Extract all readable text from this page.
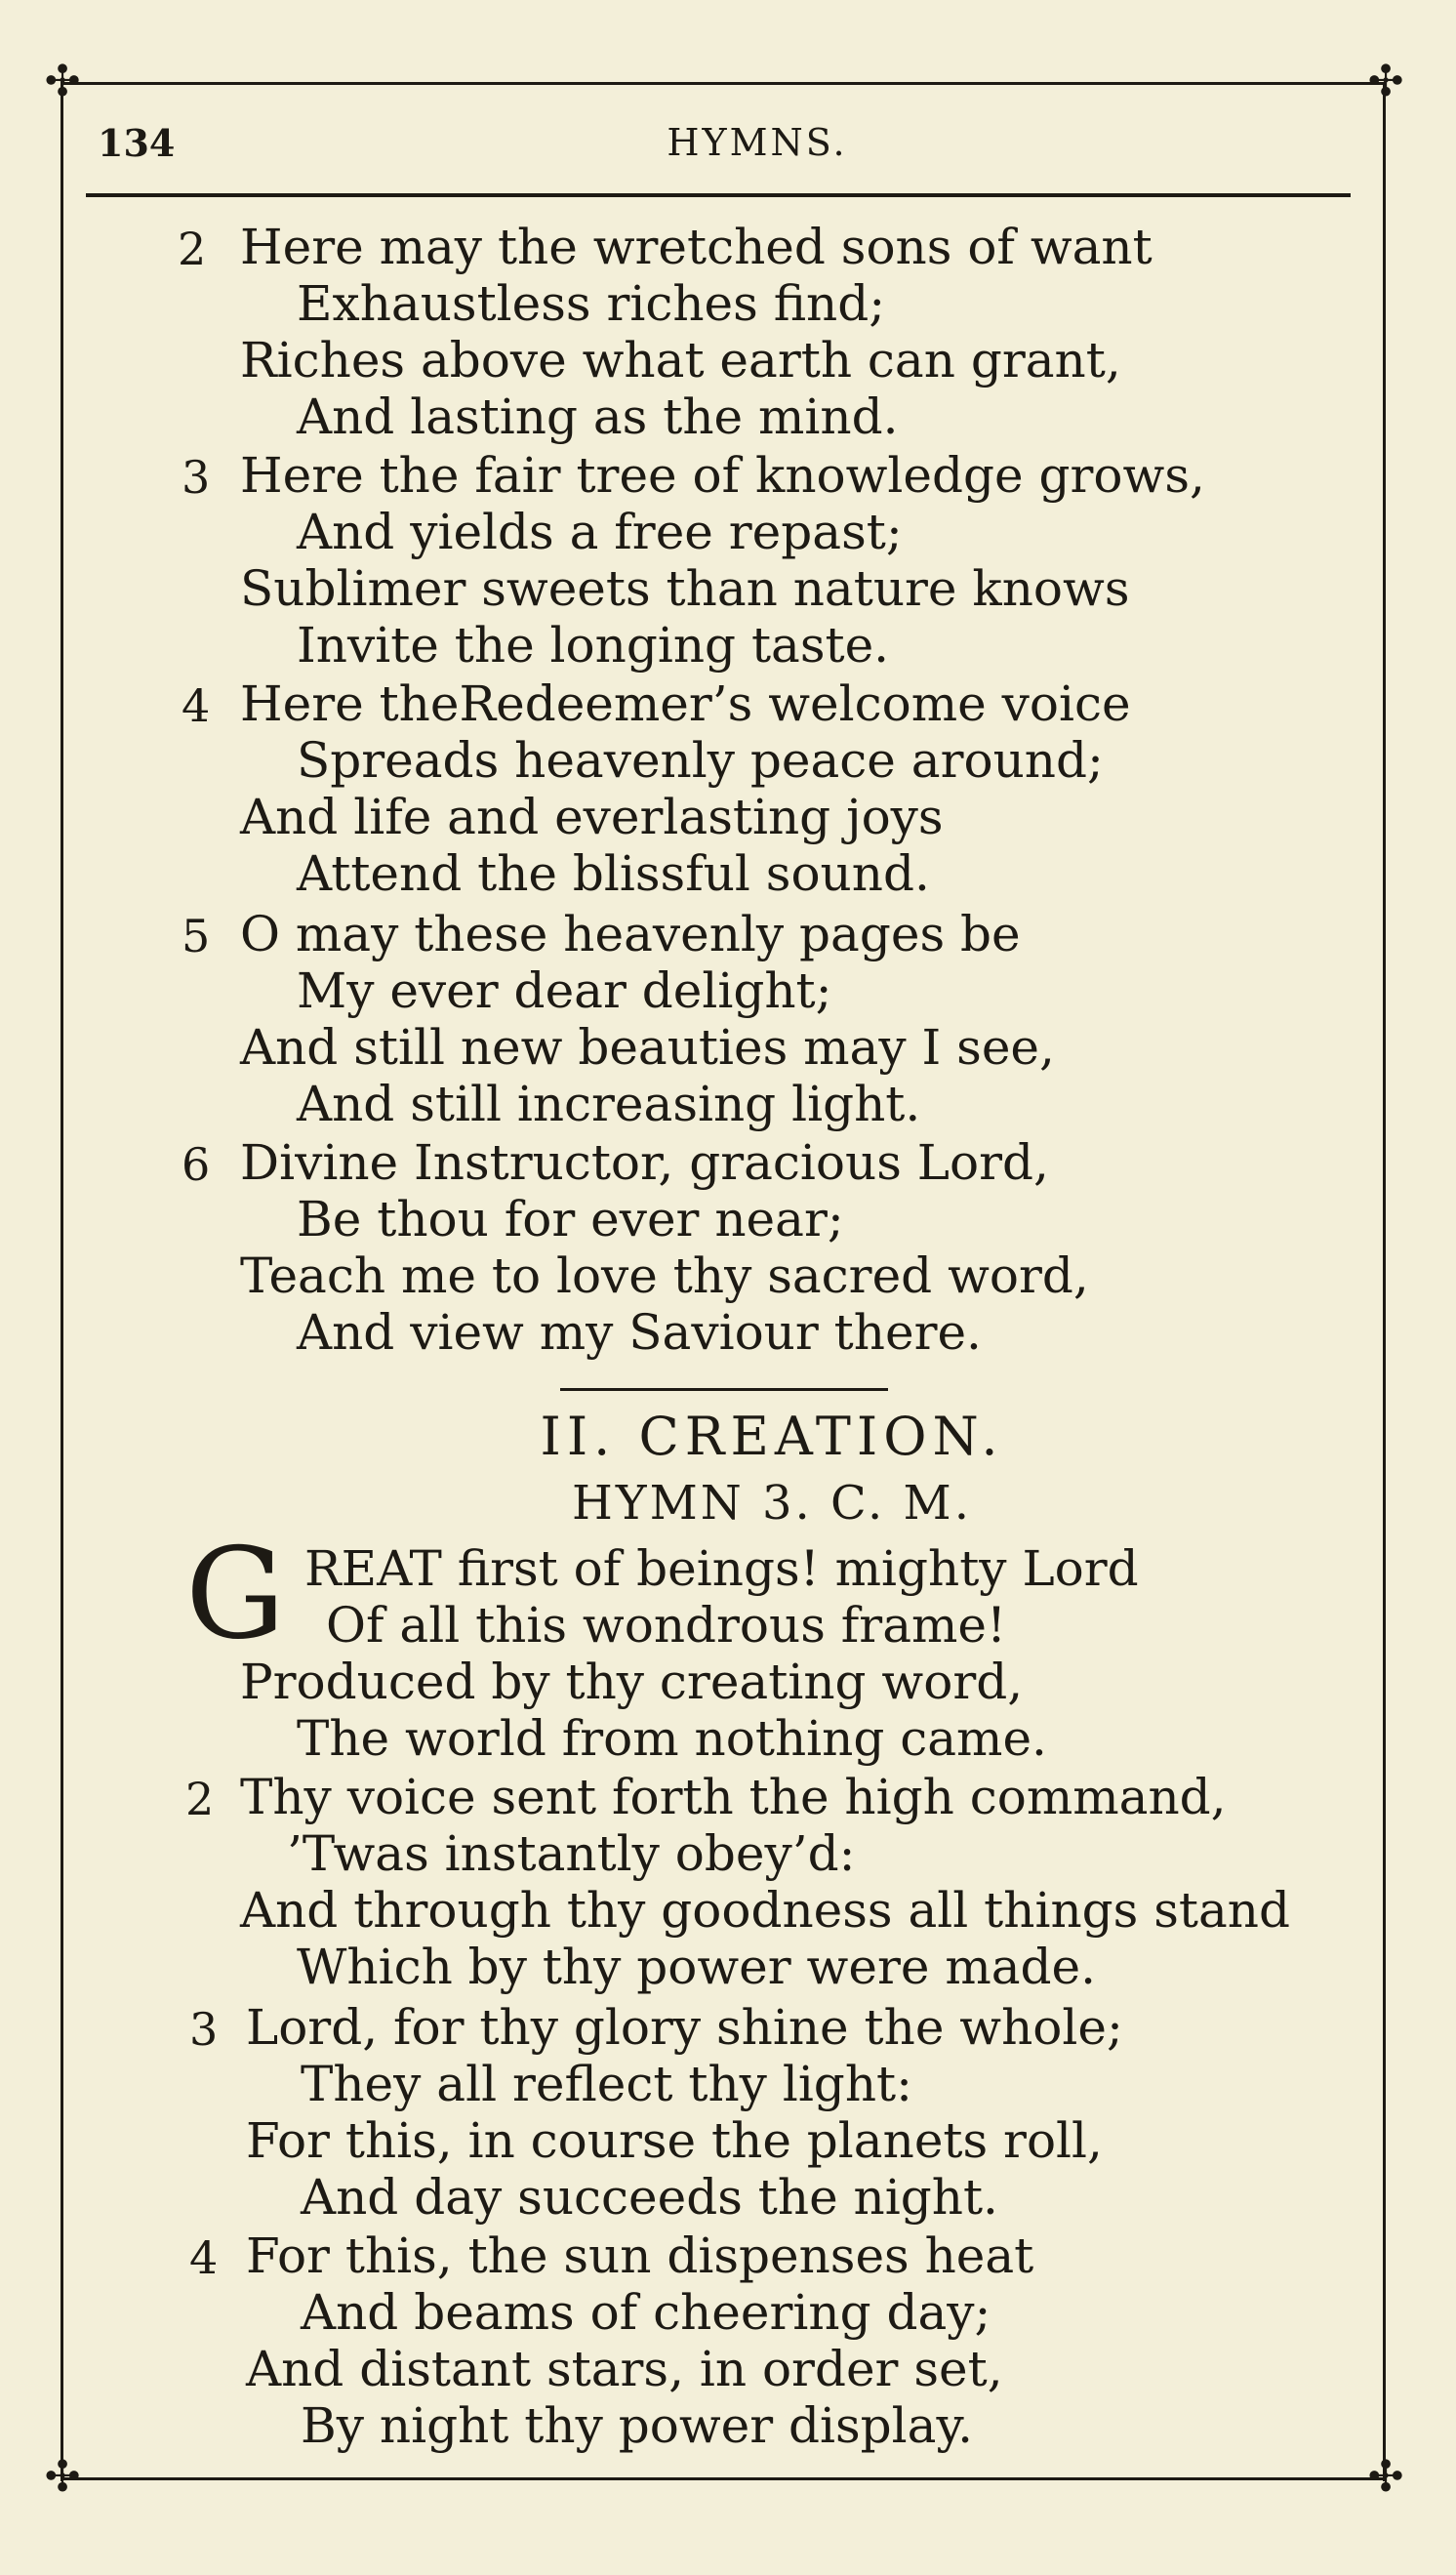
✣	✣
✣	✣
134	HYMNS.
2 Here may the wretched sons of want
Exhaustless riches find;
Riches above what earth can grant,
And lasting as the mind.
3 Here the fair tree of knowledge grows,
And yields a free repast;
Sublimer sweets than nature knows
Invite the longing taste.
4 Here theRedeemer’s welcome voice
Spreads heavenly peace around;
And life and everlasting joys
Attend the blissful sound.
5 O may these heavenly pages be
My ever dear delight;
And still new beauties may I see,
And still increasing light.
6 Divine Instructor, gracious Lord,
Be thou for ever near;
Teach me to love thy sacred word,
And view my Saviour there.
II. CREATION.
HYMN 3. C. M.
G REAT first of beings! mighty Lord
Of all this wondrous frame!
Produced by thy creating word,
The world from nothing came.
2 Thy voice sent forth the high command,
’Twas instantly obey’d:
And through thy goodness all things stand
Which by thy power were made.
3 Lord, for thy glory shine the whole;
They all reflect thy light:
For this, in course the planets roll,
And day succeeds the night.
4 For this, the sun dispenses heat
And beams of cheering day;
And distant stars, in order set,
By night thy power display.
